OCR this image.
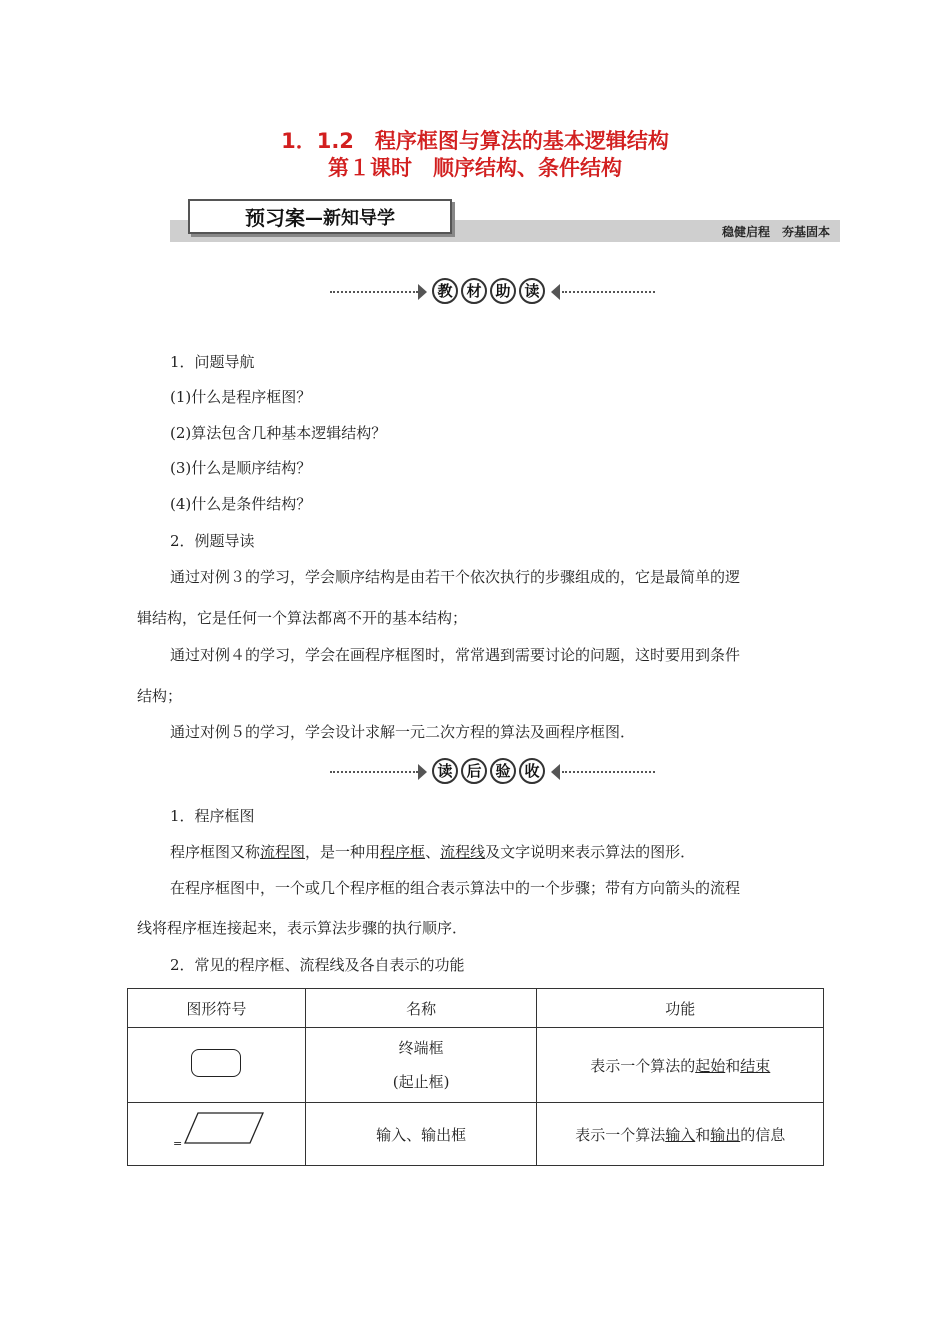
1．1.2　程序框图与算法的基本逻辑结构
第１课时　顺序结构、条件结构
预习案 —新知导学
稳健启程　夯基固本
教 材 助 读
1．问题导航
(1)什么是程序框图？
(2)算法包含几种基本逻辑结构？
(3)什么是顺序结构？
(4)什么是条件结构？
2．例题导读
通过对例３的学习，学会顺序结构是由若干个依次执行的步骤组成的，它是最简单的逻
辑结构，它是任何一个算法都离不开的基本结构；
通过对例４的学习，学会在画程序框图时，常常遇到需要讨论的问题，这时要用到条件
结构；
通过对例５的学习，学会设计求解一元二次方程的算法及画程序框图．
读 后 验 收
1．程序框图
程序框图又称流程图，是一种用程序框、流程线及文字说明来表示算法的图形．
在程序框图中，一个或几个程序框的组合表示算法中的一个步骤；带有方向箭头的流程
线将程序框连接起来，表示算法步骤的执行顺序．
2．常见的程序框、流程线及各自表示的功能
图形符号	名称	功能

	终端框
(起止框)	表示一个算法的起始和结束

=	输入、输出框	表示一个算法输入和输出的信息
